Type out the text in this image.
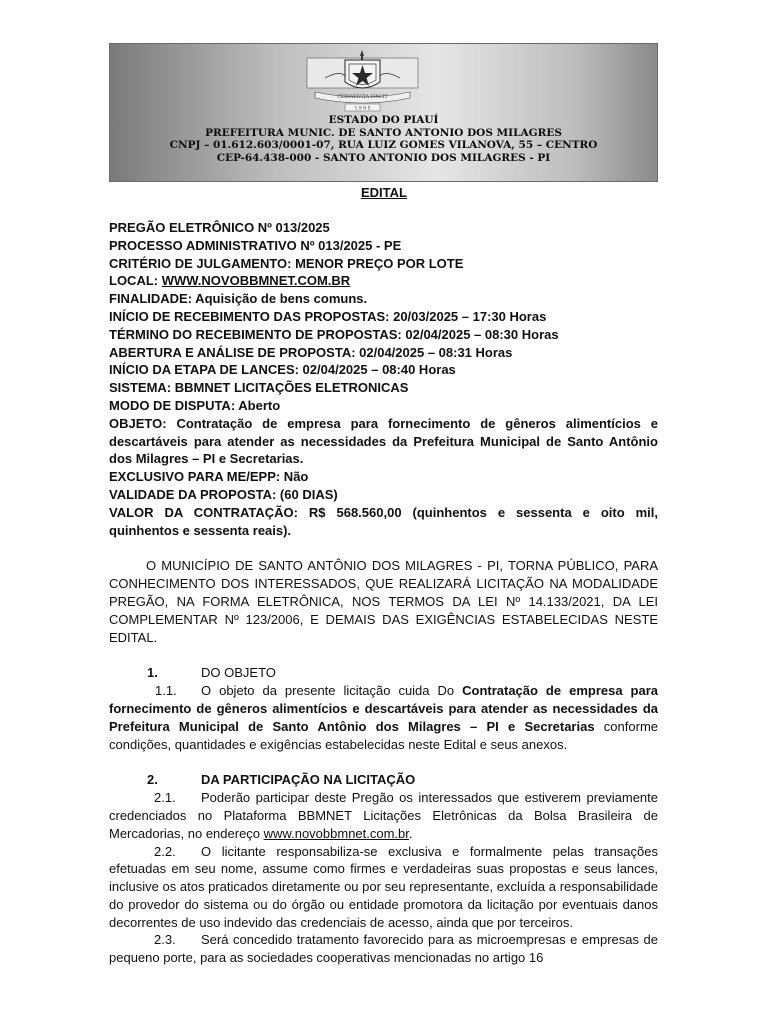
CERTATIVITA VINCIT
1 9 9 5
ESTADO DO PIAUÍ
PREFEITURA MUNIC. DE SANTO ANTONIO DOS MILAGRES
CNPJ – 01.612.603/0001-07, RUA LUIZ GOMES VILANOVA, 55 – CENTRO
CEP-64.438-000 - SANTO ANTONIO DOS MILAGRES - PI
EDITAL
PREGÃO ELETRÔNICO Nº 013/2025
PROCESSO ADMINISTRATIVO Nº 013/2025 - PE
CRITÉRIO DE JULGAMENTO: MENOR PREÇO POR LOTE
LOCAL: WWW.NOVOBBMNET.COM.BR
FINALIDADE: Aquisição de bens comuns.
INÍCIO DE RECEBIMENTO DAS PROPOSTAS: 20/03/2025 – 17:30 Horas
TÉRMINO DO RECEBIMENTO DE PROPOSTAS: 02/04/2025 – 08:30 Horas
ABERTURA E ANÁLISE DE PROPOSTA: 02/04/2025 – 08:31 Horas
INÍCIO DA ETAPA DE LANCES: 02/04/2025 – 08:40 Horas
SISTEMA: BBMNET LICITAÇÕES ELETRONICAS
MODO DE DISPUTA: Aberto
OBJETO: Contratação de empresa para fornecimento de gêneros alimentícios e descartáveis para atender as necessidades da Prefeitura Municipal de Santo Antônio dos Milagres – PI e Secretarias.
EXCLUSIVO PARA ME/EPP: Não
VALIDADE DA PROPOSTA: (60 DIAS)
VALOR DA CONTRATAÇÃO: R$ 568.560,00 (quinhentos e sessenta e oito mil, quinhentos e sessenta reais).
O MUNICÍPIO DE SANTO ANTÔNIO DOS MILAGRES - PI, TORNA PÚBLICO, PARA CONHECIMENTO DOS INTERESSADOS, QUE REALIZARÁ LICITAÇÃO NA MODALIDADE PREGÃO, NA FORMA ELETRÔNICA, NOS TERMOS DA LEI Nº 14.133/2021, DA LEI COMPLEMENTAR Nº 123/2006, E DEMAIS DAS EXIGÊNCIAS ESTABELECIDAS NESTE EDITAL.
1.	DO OBJETO
1.1. O objeto da presente licitação cuida Do Contratação de empresa para fornecimento de gêneros alimentícios e descartáveis para atender as necessidades da Prefeitura Municipal de Santo Antônio dos Milagres – PI e Secretarias conforme condições, quantidades e exigências estabelecidas neste Edital e seus anexos.
2.	DA PARTICIPAÇÃO NA LICITAÇÃO
2.1. Poderão participar deste Pregão os interessados que estiverem previamente credenciados no Plataforma BBMNET Licitações Eletrônicas da Bolsa Brasileira de Mercadorias, no endereço www.novobbmnet.com.br.
2.2. O licitante responsabiliza-se exclusiva e formalmente pelas transações efetuadas em seu nome, assume como firmes e verdadeiras suas propostas e seus lances, inclusive os atos praticados diretamente ou por seu representante, excluída a responsabilidade do provedor do sistema ou do órgão ou entidade promotora da licitação por eventuais danos decorrentes de uso indevido das credenciais de acesso, ainda que por terceiros.
2.3. Será concedido tratamento favorecido para as microempresas e empresas de pequeno porte, para as sociedades cooperativas mencionadas no artigo 16
